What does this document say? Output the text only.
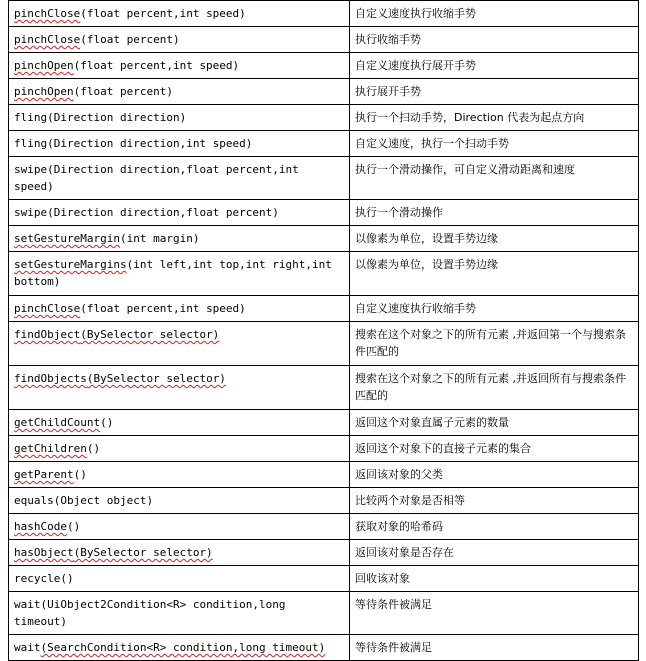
pinchClose(float percent,int speed)	自定义速度执行收缩手势
pinchClose(float percent)	执行收缩手势
pinchOpen(float percent,int speed)	自定义速度执行展开手势
pinchOpen(float percent)	执行展开手势
fling(Direction direction)	执行一个扫动手势，Direction 代表为起点方向
fling(Direction direction,int speed)	自定义速度，执行一个扫动手势
swipe(Direction direction,float percent,int speed)	执行一个滑动操作，可自定义滑动距离和速度
swipe(Direction direction,float percent)	执行一个滑动操作
setGestureMargin(int margin)	以像素为单位，设置手势边缘
setGestureMargins(int left,int top,int right,int bottom)	以像素为单位，设置手势边缘
pinchClose(float percent,int speed)	自定义速度执行收缩手势
findObject(BySelector selector)	搜索在这个对象之下的所有元素 ,并返回第一个与搜索条件匹配的
findObjects(BySelector selector)	搜索在这个对象之下的所有元素 ,并返回所有与搜索条件匹配的
getChildCount()	返回这个对象直属子元素的数量
getChildren()	返回这个对象下的直接子元素的集合
getParent()	返回该对象的父类
equals(Object object)	比较两个对象是否相等
hashCode()	获取对象的哈希码
hasObject(BySelector selector)	返回该对象是否存在
recycle()	回收该对象
wait(UiObject2Condition<R> condition,long timeout)	等待条件被满足
wait(SearchCondition<R> condition,long timeout)	等待条件被满足
